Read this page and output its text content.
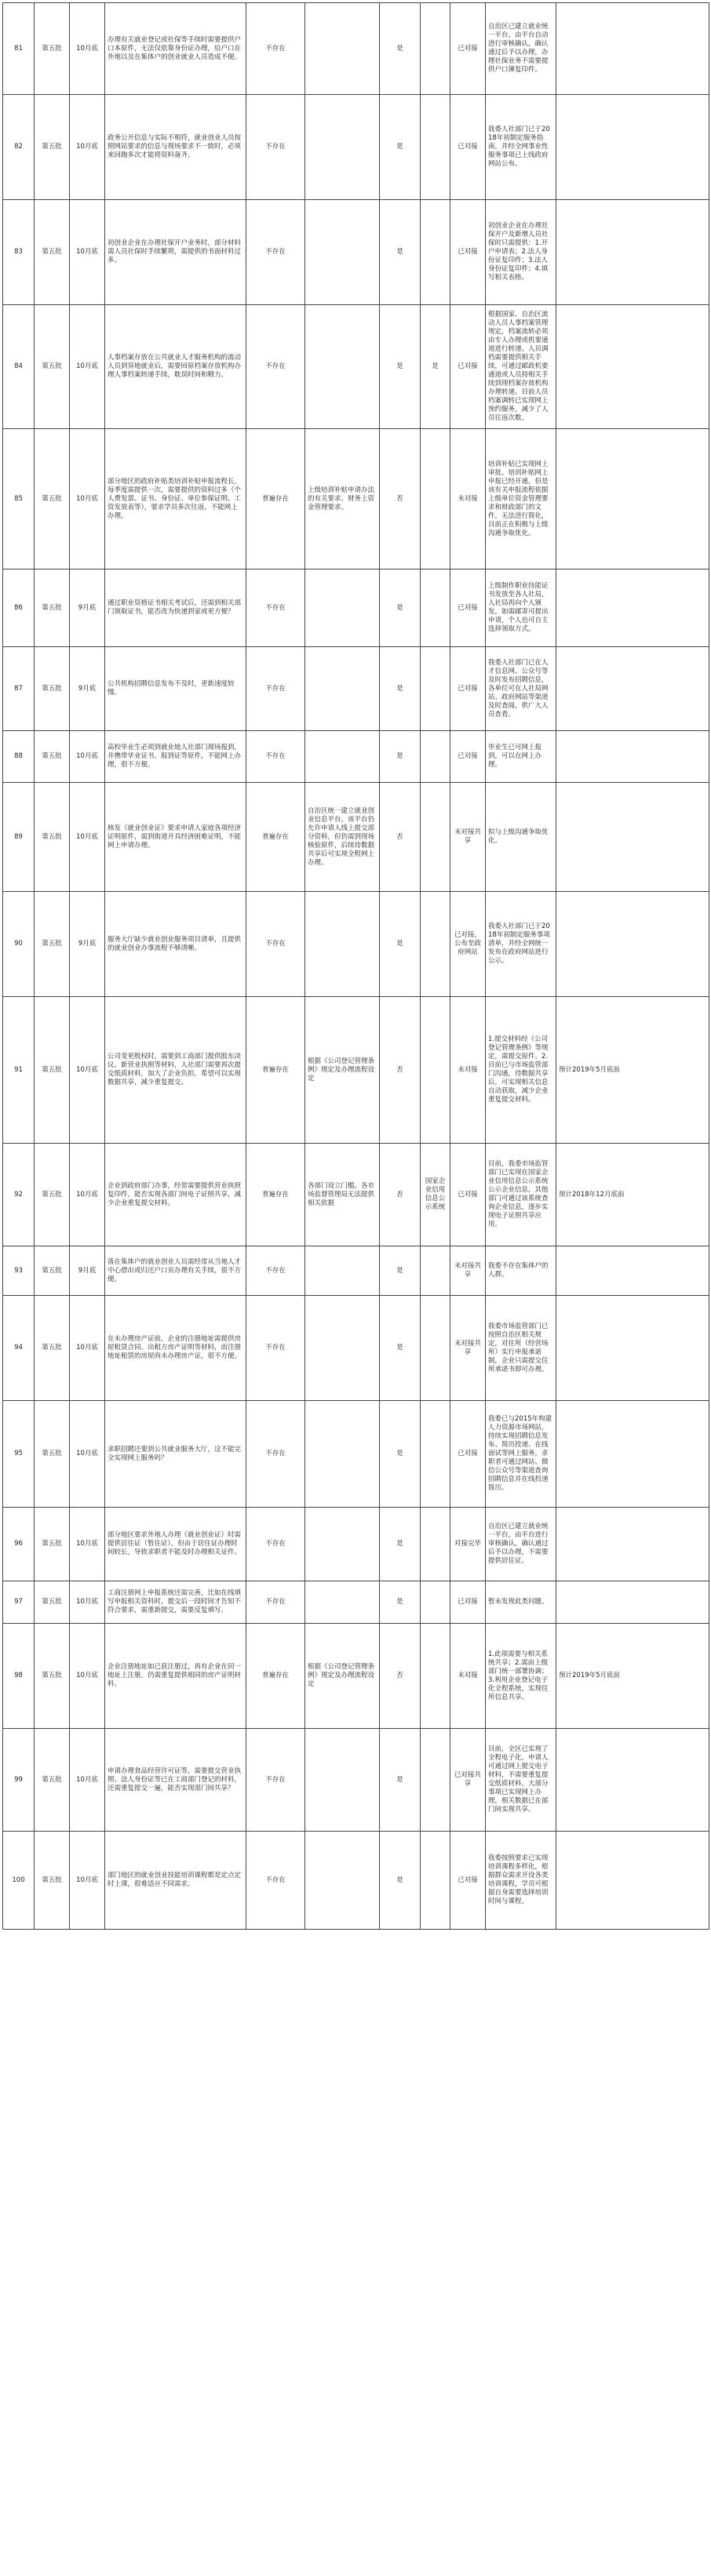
81	第五批	10月底	办理有关就业登记或社保等手续时需要提供户口本原件，无法仅依靠身份证办理，给户口在外地以及在集体户的创业就业人员造成不便。	不存在		是		已对接	自治区已建立就业统一平台，由平台自动进行审核确认，确认通过后予以办理，办理社保业务不需要提供户口簿复印件。	
82	第五批	10月底	政务公开信息与实际不相符，就业创业人员按照网站要求的信息与现场要求不一致时，必须来回跑多次才能将资料备齐。	不存在		是		已对接	我委人社部门已于2018年初制定服务指南，并经全网事业性服务事项已上线政府网站公布。	
83	第五批	10月底	初创业企业在办理社保开户业务时，部分材料需人员社保时手续繁琐，需提供的书面材料过多。	不存在		是		已对接	初创业企业在办理社保开户及新增人员社保时只需提供：1.开户申请表；2.法人身份证复印件；3.法人身份证复印件；4.填写相关表格。	
84	第五批	10月底	人事档案存放在公共就业人才服务机构的流动人员到异地就业后，需要回原档案存放机构办理人事档案转递手续，耽误时间和精力。	不存在		是	是	已对接	根据国家、自治区流动人员人事档案管理规定，档案流转必须由专人办理或机要通道进行转递。人员调档需要提供相关手续，可通过邮政机要通道或人员持相关手续到现档案存放机构办理转递。目前人员档案调转已实现网上预约服务，减少了人员往返次数。	
85	第五批	10月底	部分地区的政府补贴类培训补贴申报流程长，每季度需提供一次，需要提供的资料过多（个人费发票、证书、身份证、单位参保证明、工资发放表等），要求学员多次往返，不能网上办理。	普遍存在	上级培训补贴申请办法的有关要求、财务上资金管理要求。	否		未对接	培训补贴已实现网上审批、培训补贴网上申报已经开通，但是该有关申报流程依据上级单位资金管理要求和财政部门的文件，无法进行简化，目前正在积极与上级沟通争取优化。	
86	第五批	9月底	通过职业资格证书相关考试后，还需到相关部门领取证书，能否改为快递到家或更方便？	不存在		是		已对接	上级制作职业技能证书发放至各人社局，人社局再向个人颁发，如需邮寄可提出申请，个人也可自主选择领取方式。	
87	第五批	9月底	公共机构招聘信息发布不及时，更新速度较慢。	不存在		是		已对接	我委人社部门已在人才信息网、公众号等及时发布招聘信息，各单位可在人社局网站、政府网站等渠道及时查阅，供广大人员查看。	
88	第五批	10月底	高校毕业生必须到就业地人社部门现场报到，并携带毕业证书、报到证等原件，不能网上办理，很不方便。	不存在		是		已对接	毕业生已可网上报到，可以在网上办理。	
89	第五批	10月底	核发《就业创业证》要求申请人家庭各项经济证明原件，需到街道开具经济困难证明，不能网上申请办理。	普遍存在	自治区统一建立就业创业信息平台，该平台仍允许申请人线上提交部分资料，但仍需到现场核验原件，后续待数据共享后可实现全程网上办理。	否		未对接共享	拟与上级沟通争取优化。	
90	第五批	9月底	服务大厅缺少就业创业服务项目清单，且提供的就业创业办事流程不够清晰。	不存在		是		已对接，公布至政府网站	我委人社部门已于2018年初制定服务事项清单，并经全网统一发布在政府网站进行公示。	
91	第五批	10月底	公司变更股权时，需要到工商部门提供股东决议、新营业执照等材料，人社部门需要再次提交纸质材料，加大了企业负担，希望可以实现数据共享，减少重复提交。	普遍存在	根据《公司登记管理条例》规定及办理流程设定	否		未对接	1.提交材料经《公司登记管理条例》等规定，需提交原件。2.目前已与市场监管部门沟通，待数据共享后，可实现相关信息自动获取，减少企业重复提交材料。	预计2019年5月底前
92	第五批	10月底	企业到政府部门办事，经常需要提供营业执照复印件，能否实现各部门间电子证照共享，减少企业重复提交材料。	普遍存在	各部门设立门槛、各市场监督管理局无法提供相关依据	否	国家企业信用信息公示系统	已对接	目前，我委市场监管部门已实现在国家企业信用信息公示系统公示企业信息，其他部门可通过该系统查询企业信息，逐步实现电子证照共享应用。	预计2018年12月底前
93	第五批	9月底	落在集体户的就业创业人员需经常从当地人才中心借出或归还户口页办理有关手续，很不方便。	不存在		是		未对接共享	我委不存在集体户的人群。	
94	第五批	10月底	在未办理房产证前，企业的注册地址需提供房屋租赁合同、出租方房产证明等材料，而注册地址租赁的房屋尚未办理房产证，很不方便。	不存在		是		未对接共享	我委市场监管部门已按照自治区相关规定，对住所（经营场所）实行申报承诺制，企业只需提交住所承诺书即可办理。	
95	第五批	10月底	求职招聘还要到公共就业服务大厅，这不能完全实现网上服务吗？	不存在		是		已对接	我委已与2015年构建人力资源市场网站，持续实现招聘信息发布、简历投递、在线面试等网上服务，求职者可通过网站、微信公众号等渠道查询招聘信息并在线投递简历。	
96	第五批	10月底	部分地区要求外地人办理《就业创业证》时需提供居住证（暂住证），但由于居住证办理时间较长，导致求职者不能及时办理相关证件。	不存在		是		对接完毕	自治区已建立就业统一平台，由平台进行审核确认，确认通过后予以办理，不需要提供居住证。	
97	第五批	10月底	工商注册网上申报系统还需完善，比如在线填写申报相关资料时，提交后一段时间才告知不符合要求，需重新提交，需要反复填写。	不存在		是		已对接	暂未发现此类问题。	
98	第五批	10月底	企业注册地址如已获注册过，再有企业在同一地址上注册，仍需重复提供相同的房产证明材料。	普遍存在	根据《公司登记管理条例》规定及办理流程设定	否		未对接	1.此项需要与相关系统共享；2.需由上级部门统一部署协调；3.利用企业登记电子化全程系统，实现住所信息共享。	预计2019年5月底前
99	第五批	10月底	申请办理食品经营许可证等，需要提交营业执照、法人身份证等已在工商部门登记的材料，还需重复提交一遍，能否实现部门间共享？	不存在		是		已对接共享	目前，全区已实现了全程电子化，申请人可通过网上提交电子材料，不需要重复提交纸质材料，大部分事项已实现网上办理，相关数据已在部门间实现共享。	
100	第五批	10月底	部门地区的就业创业技能培训课程都是定点定时上课，很难适应不同需求。	不存在		是		已对接	我委按照要求已实现培训课程多样化，根据群众需求开设各类培训课程，学员可根据自身需要选择培训时间与课程。	
